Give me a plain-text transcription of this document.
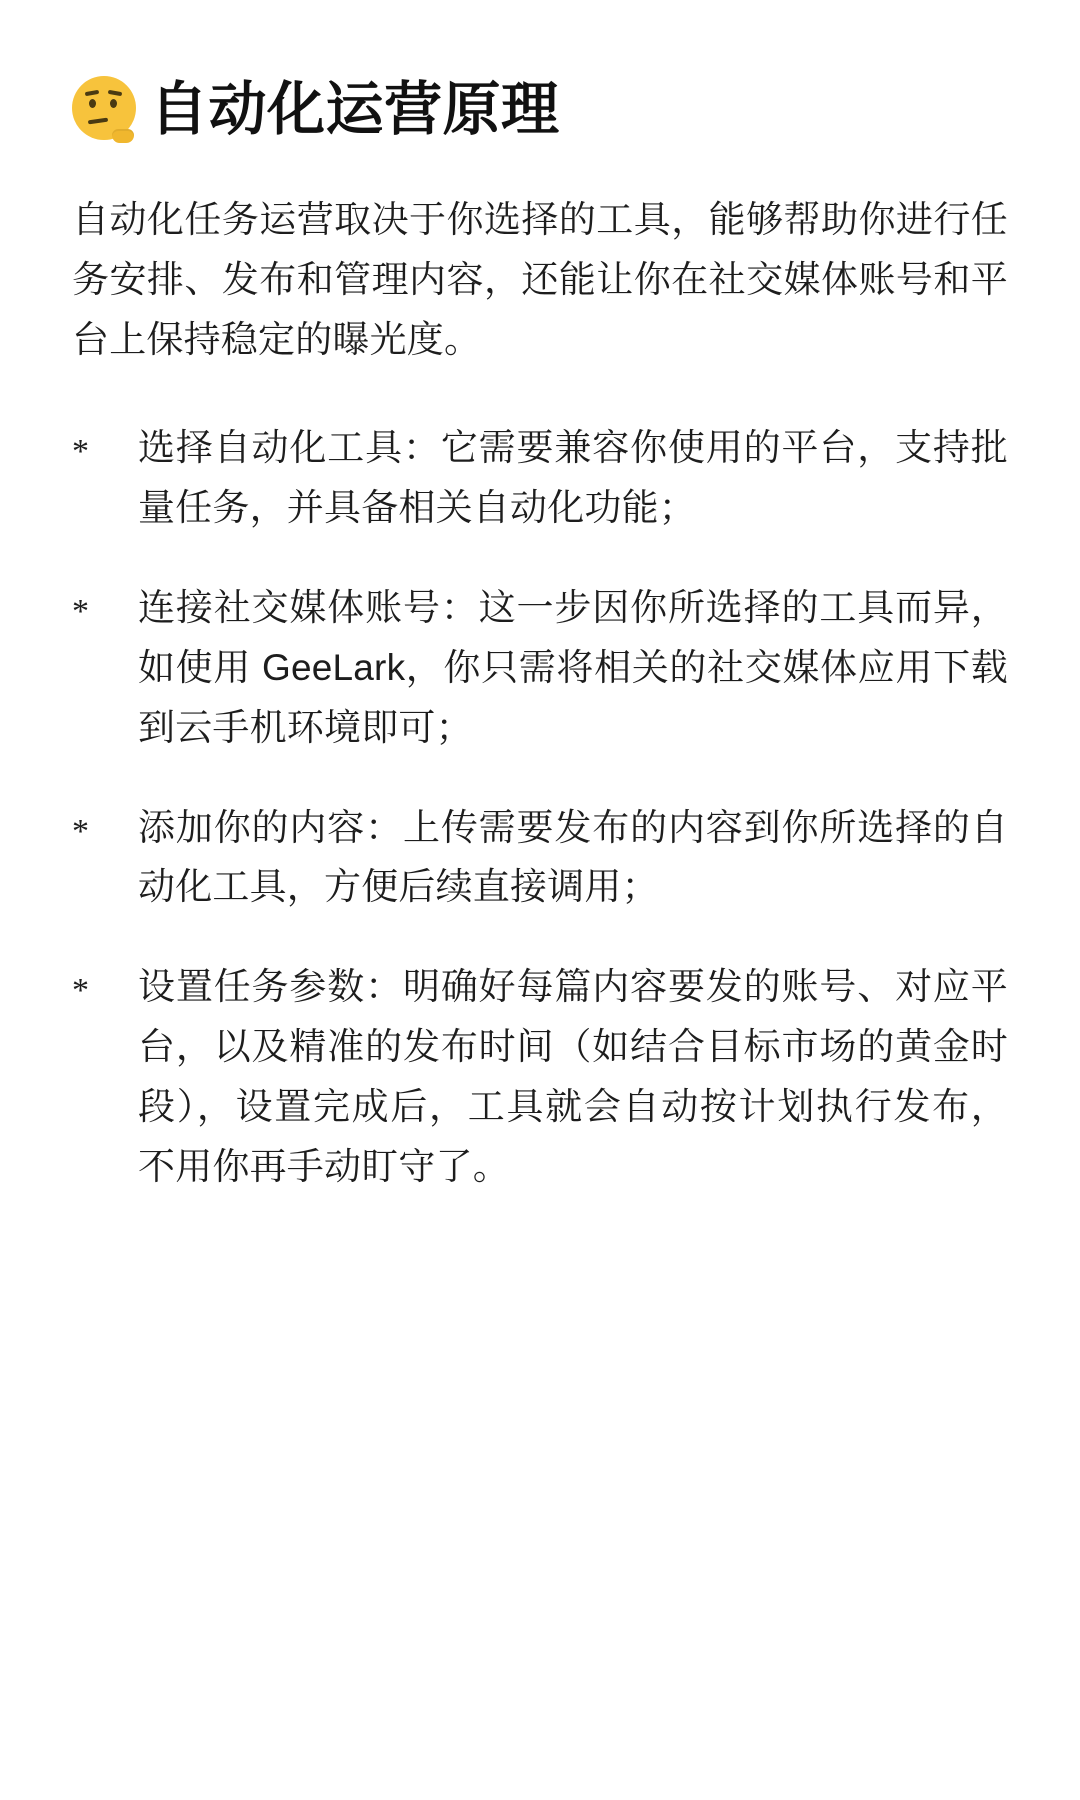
自动化运营原理

自动化任务运营取决于你选择的工具，能够帮助你进行任务安排、发布和管理内容，还能让你在社交媒体账号和平台上保持稳定的曝光度。

*	选择自动化工具：它需要兼容你使用的平台，支持批量任务，并具备相关自动化功能；
*	连接社交媒体账号：这一步因你所选择的工具而异，如使用 GeeLark，你只需将相关的社交媒体应用下载到云手机环境即可；
*	添加你的内容：上传需要发布的内容到你所选择的自动化工具，方便后续直接调用；
*	设置任务参数：明确好每篇内容要发的账号、对应平台，以及精准的发布时间（如结合目标市场的黄金时段），设置完成后，工具就会自动按计划执行发布，不用你再手动盯守了。
